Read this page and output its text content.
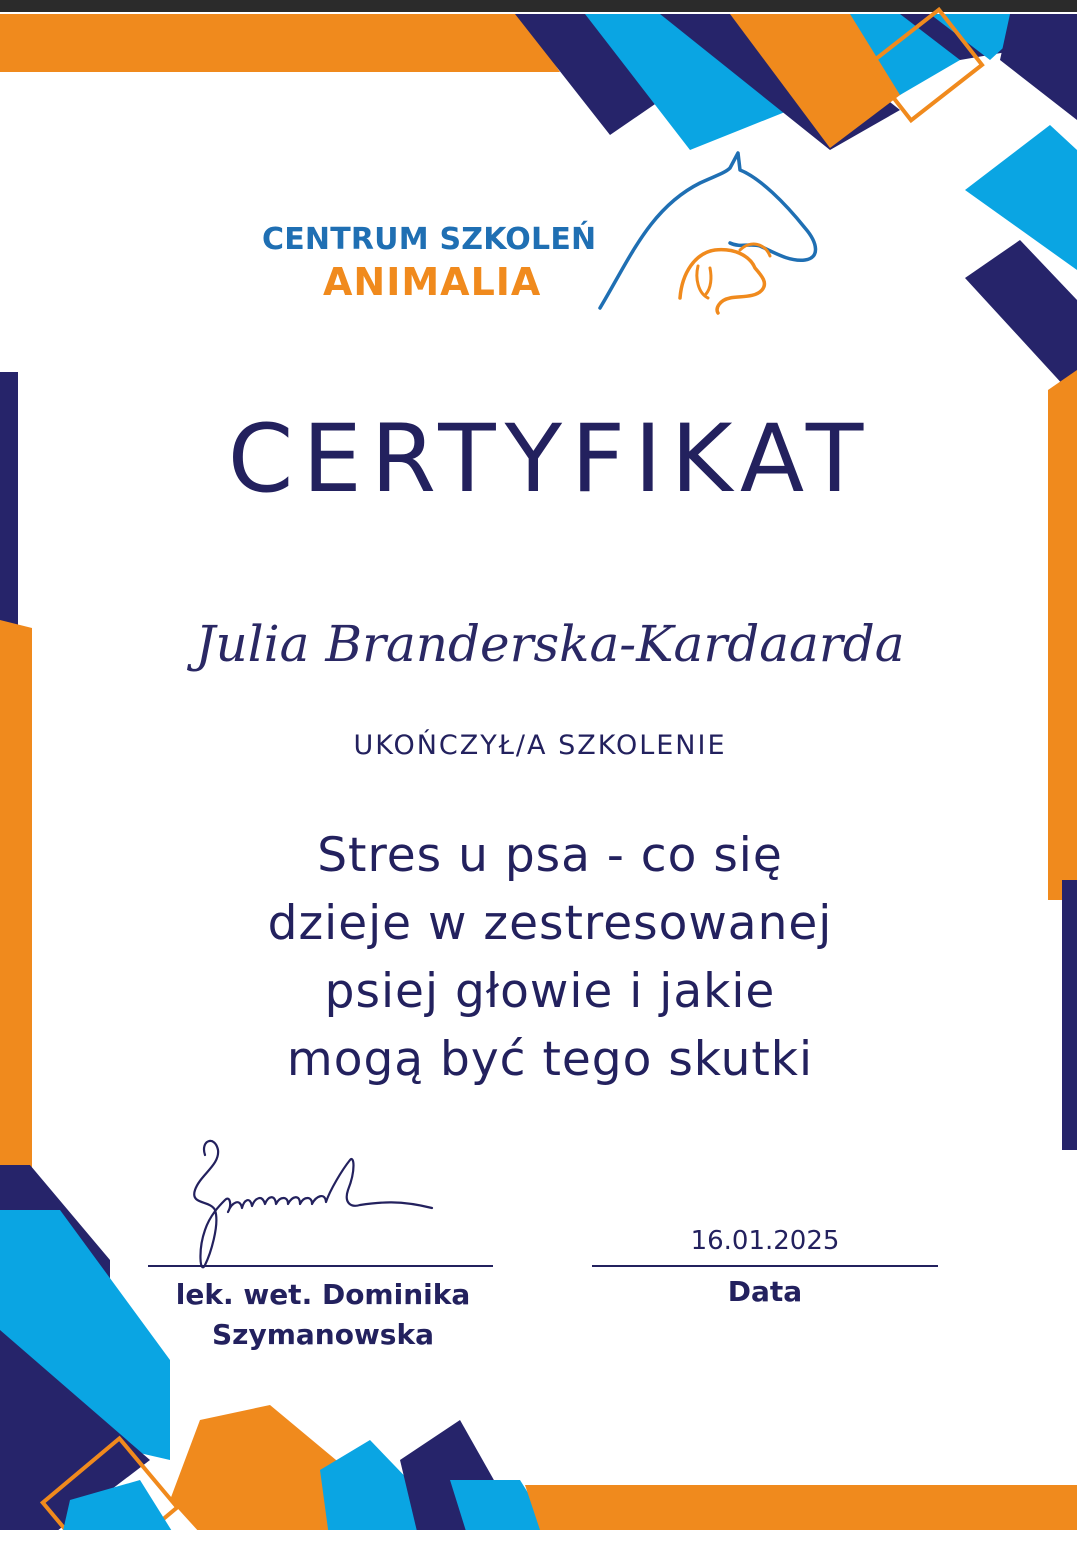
CENTRUM SZKOLEŃ
ANIMALIA
CERTYFIKAT
Julia Branderska-Kardaarda
UKOŃCZYŁ/A SZKOLENIE
Stres u psa - co się
dzieje w zestresowanej
psiej głowie i jakie
mogą być tego skutki
lek. wet. Dominika
Szymanowska
16.01.2025
Data
